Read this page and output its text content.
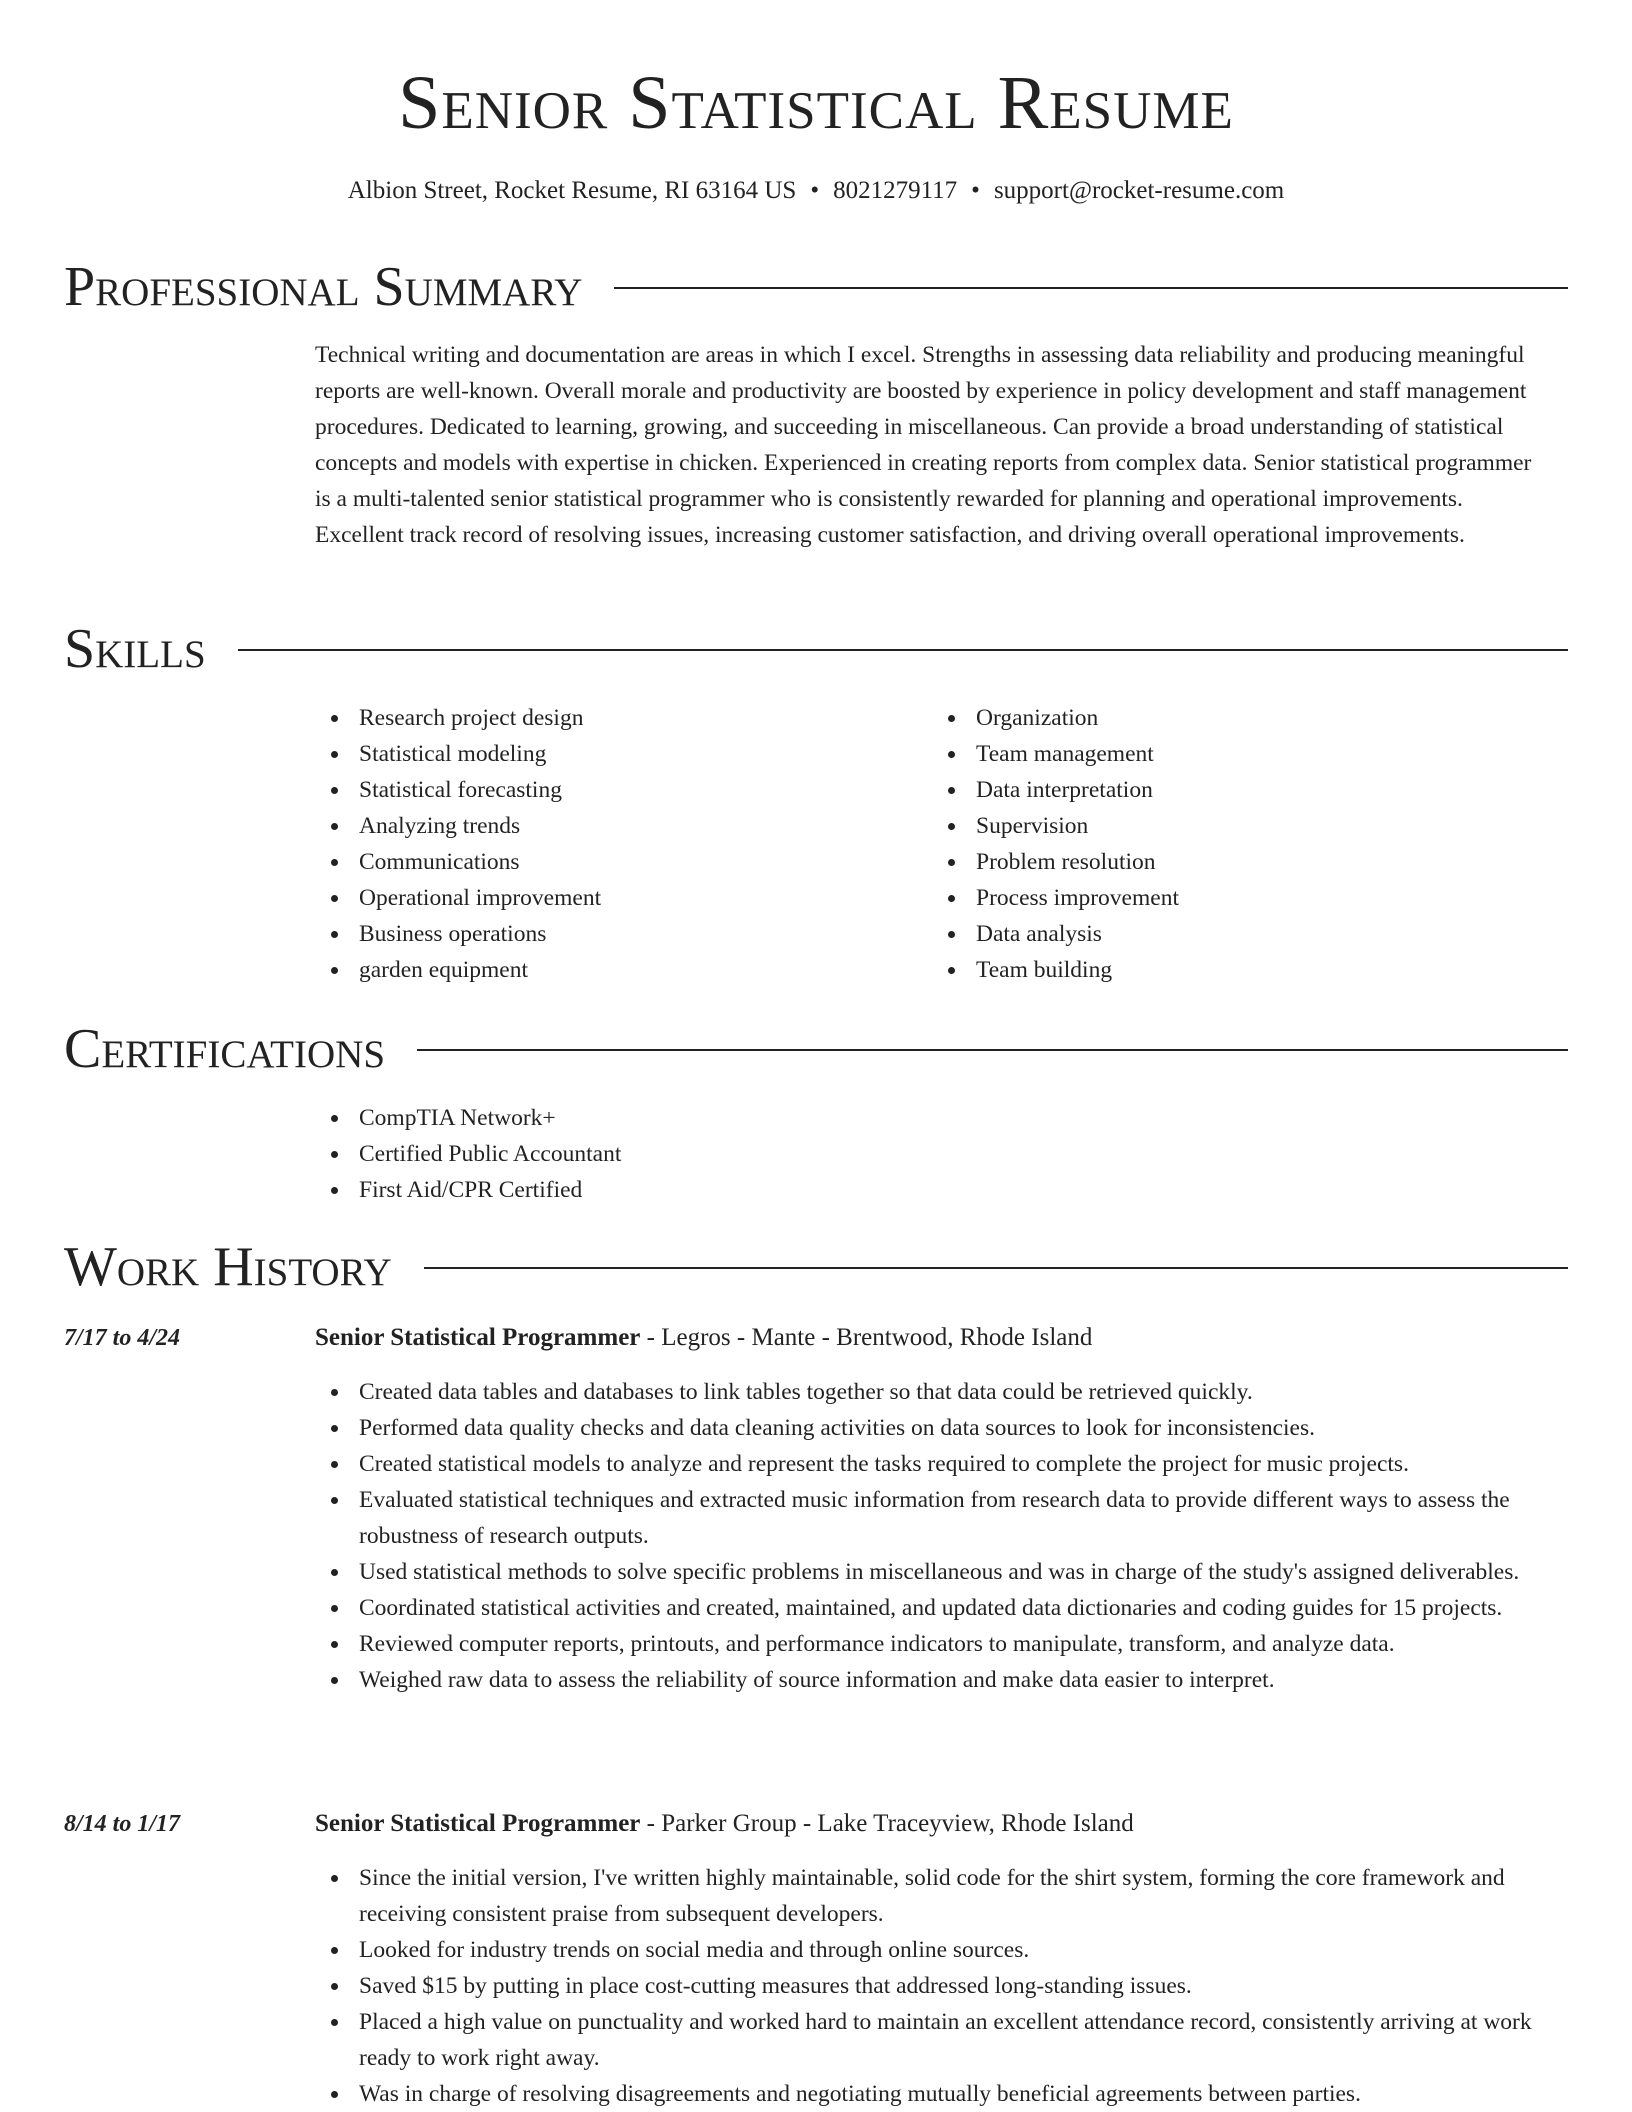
Senior Statistical Resume
Albion Street, Rocket Resume, RI 63164 US • 8021279117 • support@rocket-resume.com
Professional Summary
Technical writing and documentation are areas in which I excel. Strengths in assessing data reliability and producing meaningful reports are well-known. Overall morale and productivity are boosted by experience in policy development and staff management procedures. Dedicated to learning, growing, and succeeding in miscellaneous. Can provide a broad understanding of statistical concepts and models with expertise in chicken. Experienced in creating reports from complex data. Senior statistical programmer is a multi-talented senior statistical programmer who is consistently rewarded for planning and operational improvements. Excellent track record of resolving issues, increasing customer satisfaction, and driving overall operational improvements.
Skills
Research project design
Statistical modeling
Statistical forecasting
Analyzing trends
Communications
Operational improvement
Business operations
garden equipment
Organization
Team management
Data interpretation
Supervision
Problem resolution
Process improvement
Data analysis
Team building
Certifications
CompTIA Network+
Certified Public Accountant
First Aid/CPR Certified
Work History
7/17 to 4/24	Senior Statistical Programmer - Legros - Mante - Brentwood, Rhode Island
Created data tables and databases to link tables together so that data could be retrieved quickly.
Performed data quality checks and data cleaning activities on data sources to look for inconsistencies.
Created statistical models to analyze and represent the tasks required to complete the project for music projects.
Evaluated statistical techniques and extracted music information from research data to provide different ways to assess the robustness of research outputs.
Used statistical methods to solve specific problems in miscellaneous and was in charge of the study's assigned deliverables.
Coordinated statistical activities and created, maintained, and updated data dictionaries and coding guides for 15 projects.
Reviewed computer reports, printouts, and performance indicators to manipulate, transform, and analyze data.
Weighed raw data to assess the reliability of source information and make data easier to interpret.
8/14 to 1/17	Senior Statistical Programmer - Parker Group - Lake Traceyview, Rhode Island
Since the initial version, I've written highly maintainable, solid code for the shirt system, forming the core framework and receiving consistent praise from subsequent developers.
Looked for industry trends on social media and through online sources.
Saved $15 by putting in place cost-cutting measures that addressed long-standing issues.
Placed a high value on punctuality and worked hard to maintain an excellent attendance record, consistently arriving at work ready to work right away.
Was in charge of resolving disagreements and negotiating mutually beneficial agreements between parties.
